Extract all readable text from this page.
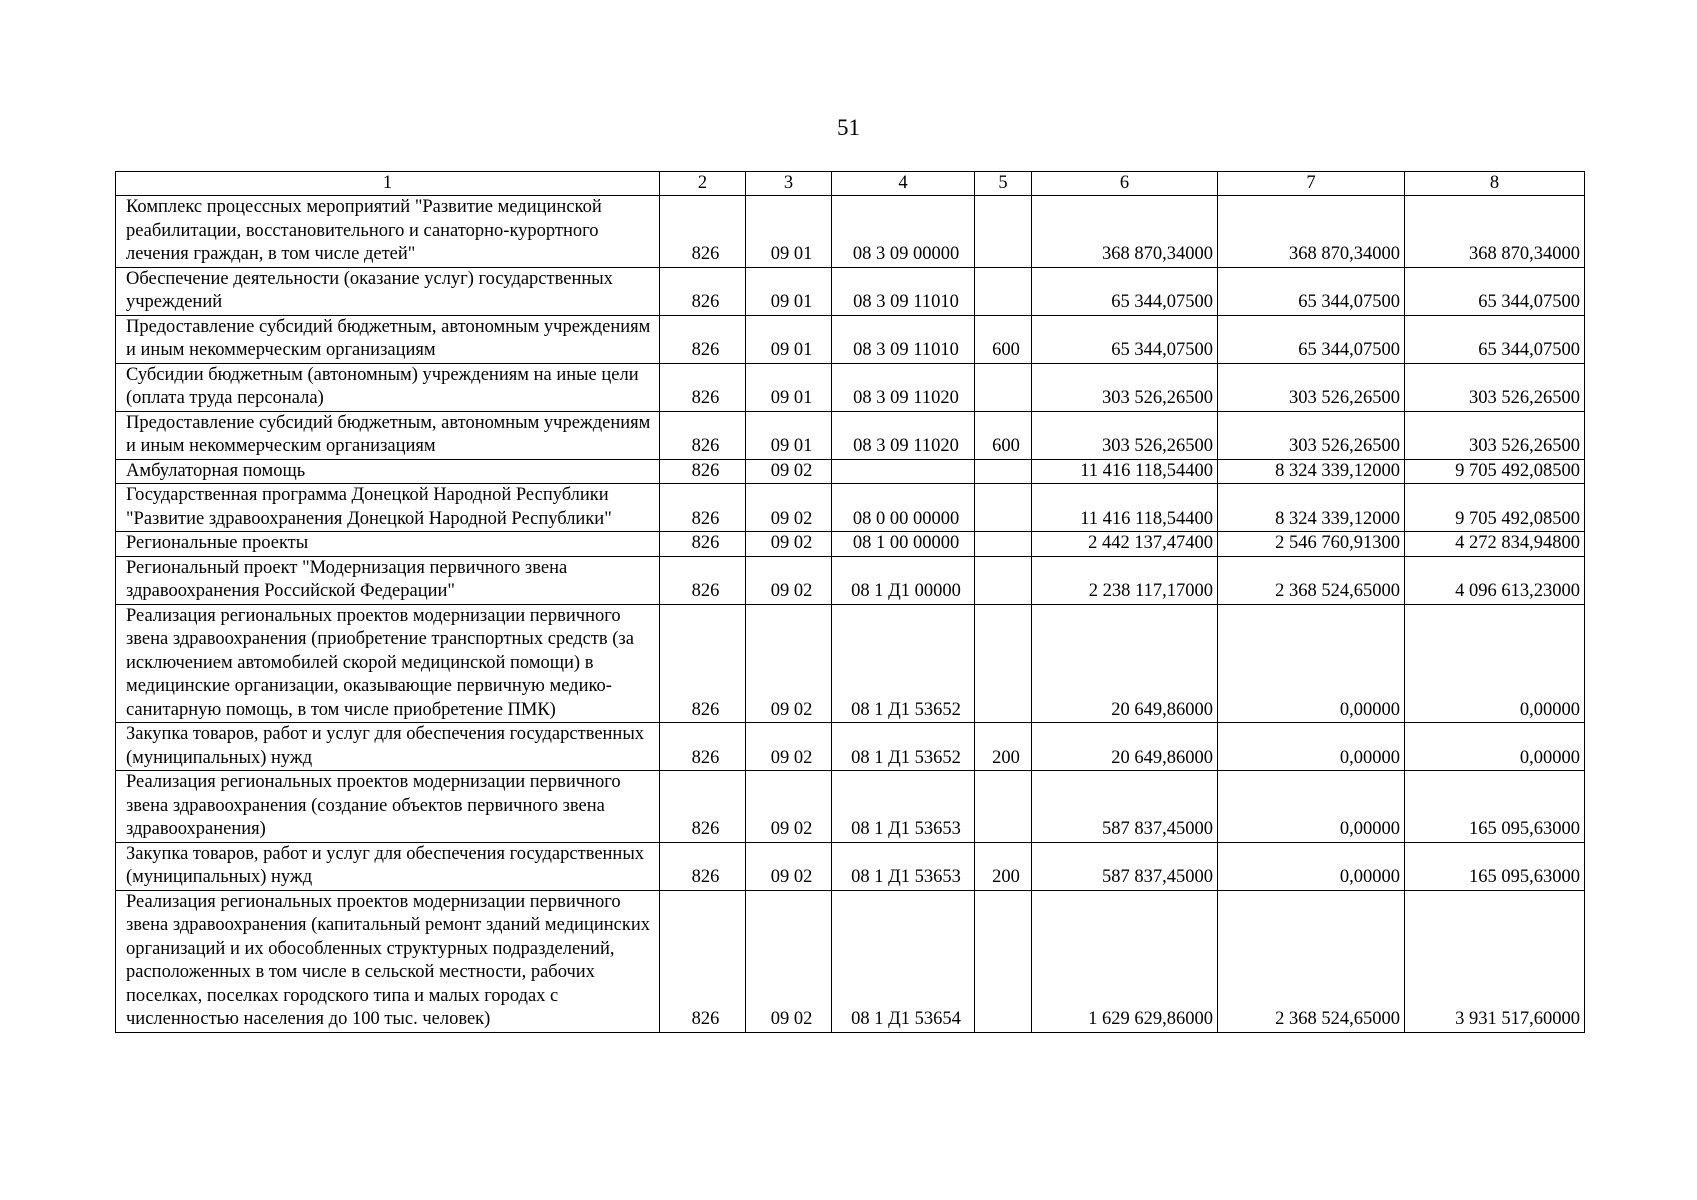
51
1	2	3	4	5	6	7	8
Комплекс процессных мероприятий "Развитие медицинской реабилитации, восстановительного и санаторно-курортного лечения граждан, в том числе детей"	826	09 01	08 3 09 00000		368 870,34000	368 870,34000	368 870,34000
Обеспечение деятельности (оказание услуг) государственных учреждений	826	09 01	08 3 09 11010		65 344,07500	65 344,07500	65 344,07500
Предоставление субсидий бюджетным, автономным учреждениям и иным некоммерческим организациям	826	09 01	08 3 09 11010	600	65 344,07500	65 344,07500	65 344,07500
Субсидии бюджетным (автономным) учреждениям на иные цели (оплата труда персонала)	826	09 01	08 3 09 11020		303 526,26500	303 526,26500	303 526,26500
Предоставление субсидий бюджетным, автономным учреждениям и иным некоммерческим организациям	826	09 01	08 3 09 11020	600	303 526,26500	303 526,26500	303 526,26500
Амбулаторная помощь	826	09 02			11 416 118,54400	8 324 339,12000	9 705 492,08500
Государственная программа Донецкой Народной Республики "Развитие здравоохранения Донецкой Народной Республики"	826	09 02	08 0 00 00000		11 416 118,54400	8 324 339,12000	9 705 492,08500
Региональные проекты	826	09 02	08 1 00 00000		2 442 137,47400	2 546 760,91300	4 272 834,94800
Региональный проект "Модернизация первичного звена здравоохранения Российской Федерации"	826	09 02	08 1 Д1 00000		2 238 117,17000	2 368 524,65000	4 096 613,23000
Реализация региональных проектов модернизации первичного звена здравоохранения (приобретение транспортных средств (за исключением автомобилей скорой медицинской помощи) в медицинские организации, оказывающие первичную медико-санитарную помощь, в том числе приобретение ПМК)	826	09 02	08 1 Д1 53652		20 649,86000	0,00000	0,00000
Закупка товаров, работ и услуг для обеспечения государственных (муниципальных) нужд	826	09 02	08 1 Д1 53652	200	20 649,86000	0,00000	0,00000
Реализация региональных проектов модернизации первичного звена здравоохранения (создание объектов первичного звена здравоохранения)	826	09 02	08 1 Д1 53653		587 837,45000	0,00000	165 095,63000
Закупка товаров, работ и услуг для обеспечения государственных (муниципальных) нужд	826	09 02	08 1 Д1 53653	200	587 837,45000	0,00000	165 095,63000
Реализация региональных проектов модернизации первичного звена здравоохранения (капитальный ремонт зданий медицинских организаций и их обособленных структурных подразделений, расположенных в том числе в сельской местности, рабочих поселках, поселках городского типа и малых городах с численностью населения до 100 тыс. человек)	826	09 02	08 1 Д1 53654		1 629 629,86000	2 368 524,65000	3 931 517,60000
